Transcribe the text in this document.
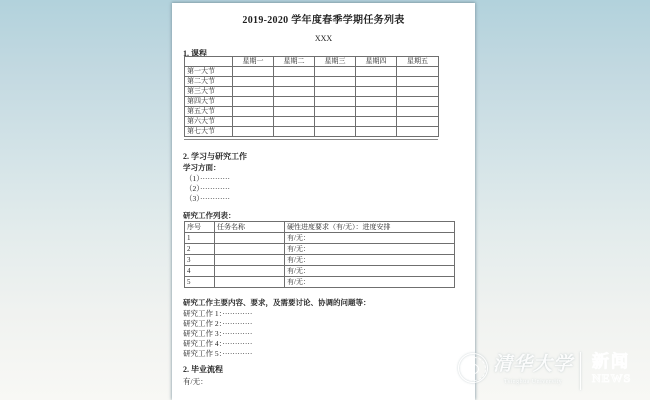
2019-2020 学年度春季学期任务列表
XXX
1. 课程
	星期一	星期二	星期三	星期四	星期五
第一大节					
第二大节					
第三大节					
第四大节					
第五大节					
第六大节					
第七大节					
2. 学习与研究工作
学习方面：
（1）············
（2）············
（3）············
研究工作列表：
序号	任务名称	硬性进度要求（有/无）：进度安排
1		有/无：
2		有/无：
3		有/无：
4		有/无：
5		有/无：
研究工作主要内容、要求，及需要讨论、协调的问题等：
研究工作 1：············
研究工作 2：············
研究工作 3：············
研究工作 4：············
研究工作 5：············
2. 毕业流程
有/无：
清华大学
Tsinghua University
新闻
NEWS
